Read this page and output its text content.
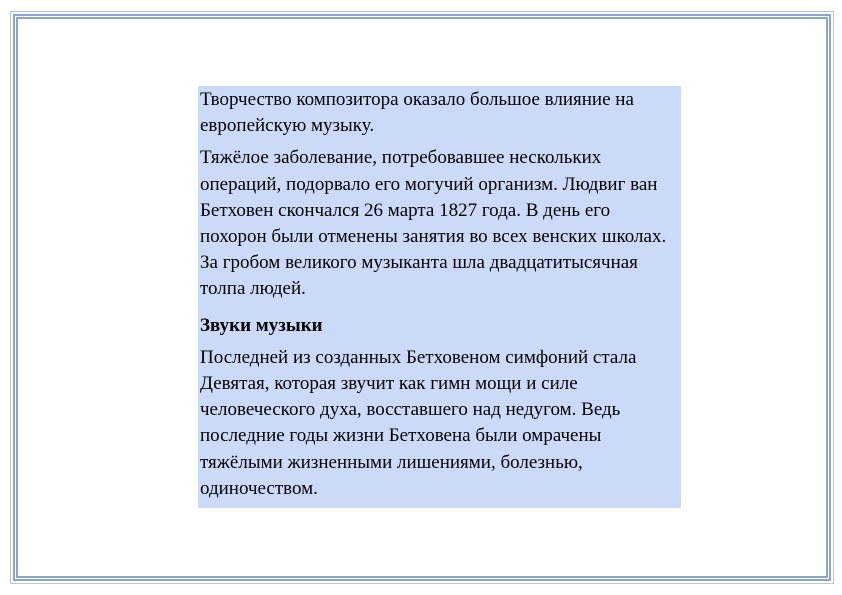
Творчество композитора оказало большое влияние на европейскую музыку.

Тяжёлое заболевание, потребовавшее нескольких операций, подорвало его могучий организм. Людвиг ван Бетховен скончался 26 марта 1827 года. В день его похорон были отменены занятия во всех венских школах. За гробом великого музыканта шла двадцатитысячная толпа людей.

Звуки музыки

Последней из созданных Бетховеном симфоний стала Девятая, которая звучит как гимн мощи и силе человеческого духа, восставшего над недугом. Ведь последние годы жизни Бетховена были омрачены тяжёлыми жизненными лишениями, болезнью, одиночеством.
